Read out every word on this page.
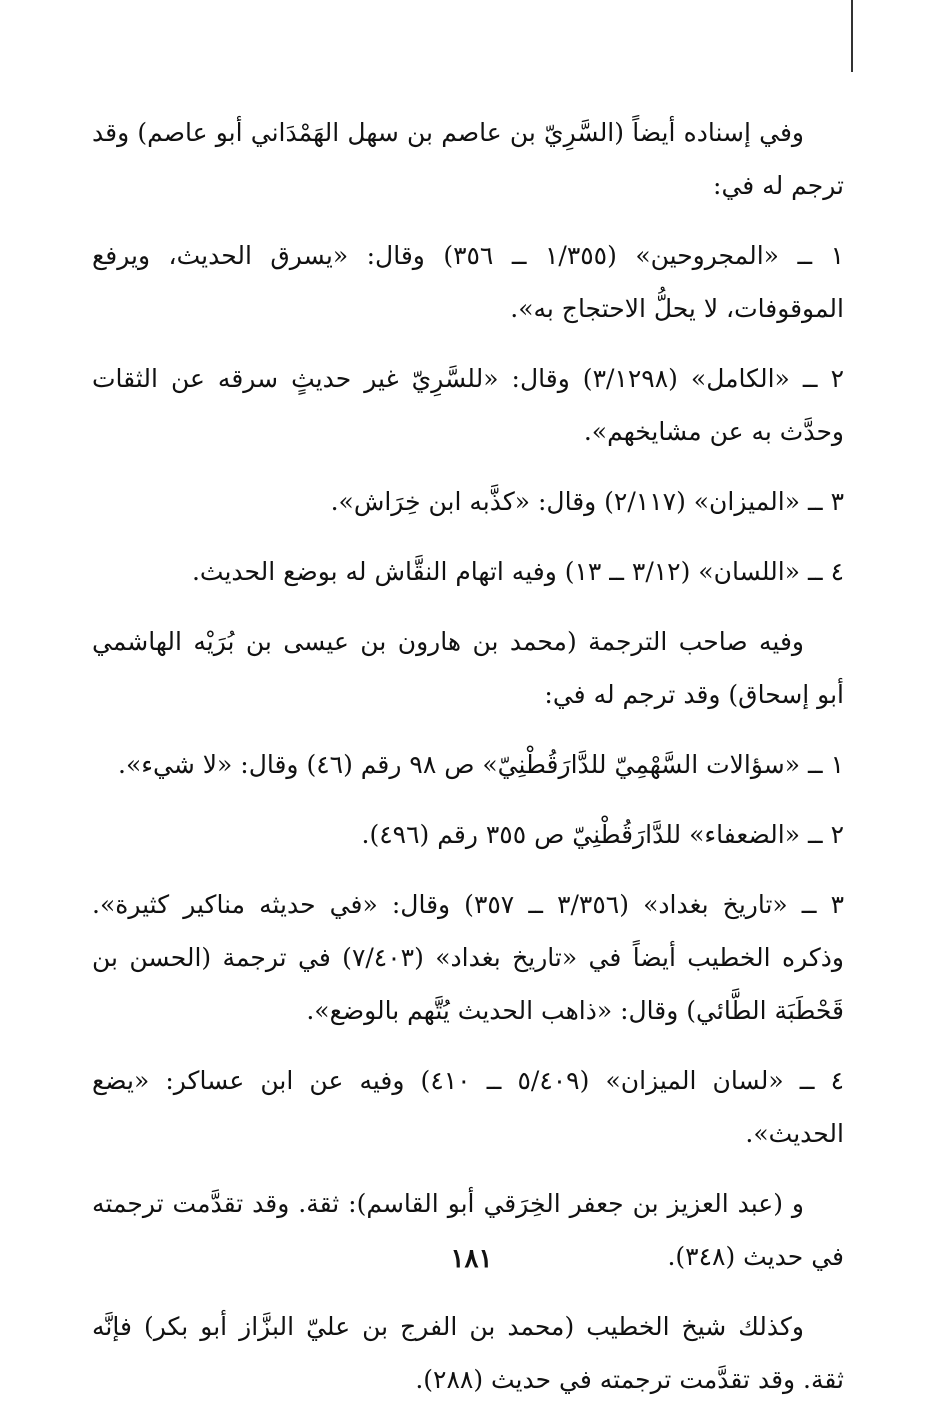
وفي إسناده أيضاً (السَّرِيّ بن عاصم بن سهل الهَمْدَاني أبو عاصم) وقد ترجم له في:

١ ــ «المجروحين» (١/٣٥٥ ــ ٣٥٦) وقال: «يسرق الحديث، ويرفع الموقوفات، لا يحلُّ الاحتجاج به».

٢ ــ «الكامل» (٣/١٢٩٨) وقال: «للسَّرِيّ غير حديثٍ سرقه عن الثقات وحدَّث به عن مشايخهم».

٣ ــ «الميزان» (٢/١١٧) وقال: «كذَّبه ابن خِرَاش».

٤ ــ «اللسان» (٣/١٢ ــ ١٣) وفيه اتهام النقَّاش له بوضع الحديث.

وفيه صاحب الترجمة (محمد بن هارون بن عيسى بن بُرَيْه الهاشمي أبو إسحاق) وقد ترجم له في:

١ ــ «سؤالات السَّهْمِيّ للدَّارَقُطْنِيّ» ص ٩٨ رقم (٤٦) وقال: «لا شيء».

٢ ــ «الضعفاء» للدَّارَقُطْنِيّ ص ٣٥٥ رقم (٤٩٦).

٣ ــ «تاريخ بغداد» (٣/٣٥٦ ــ ٣٥٧) وقال: «في حديثه مناكير كثيرة». وذكره الخطيب أيضاً في «تاريخ بغداد» (٧/٤٠٣) في ترجمة (الحسن بن قَحْطَبَة الطَّائي) وقال: «ذاهب الحديث يُتَّهم بالوضع».

٤ ــ «لسان الميزان» (٥/٤٠٩ ــ ٤١٠) وفيه عن ابن عساكر: «يضع الحديث».

و (عبد العزيز بن جعفر الخِرَقي أبو القاسم): ثقة. وقد تقدَّمت ترجمته في حديث (٣٤٨).

وكذلك شيخ الخطيب (محمد بن الفرج بن عليّ البزَّاز أبو بكر) فإنَّه ثقة. وقد تقدَّمت ترجمته في حديث (٢٨٨).

١٨١
